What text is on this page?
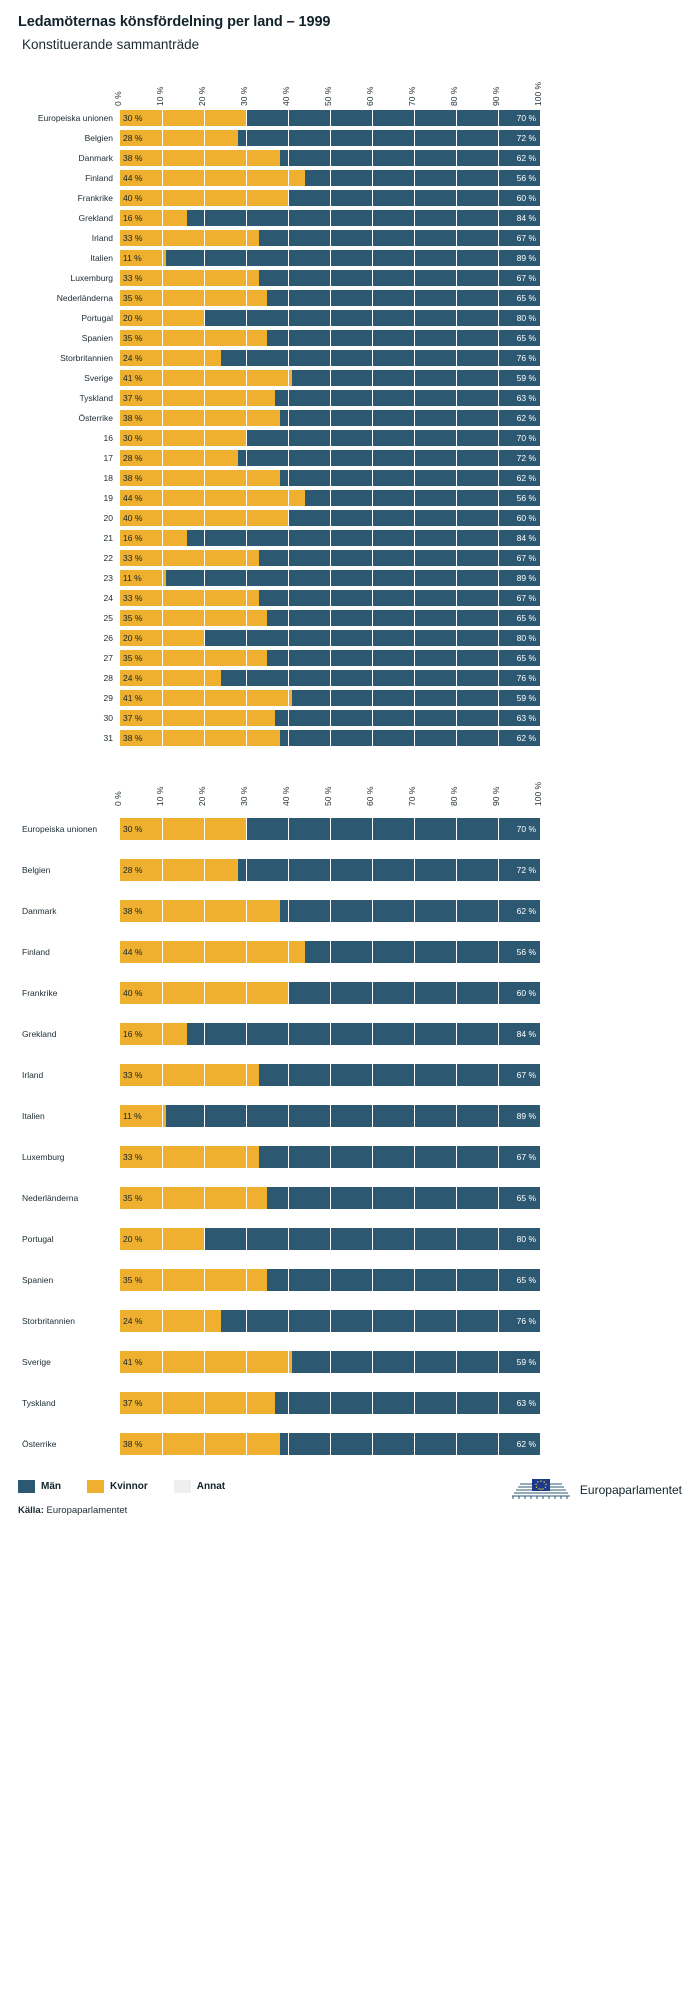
Ledamöternas könsfördelning per land – 1999
Konstituerande sammanträde
0 %	10 %	20 %	30 %	40 %	50 %	60 %	70 %	80 %	90 %	100 %
Europeiska unionen	30 %	70 %
Belgien	28 %	72 %
Danmark	38 %	62 %
Finland	44 %	56 %
Frankrike	40 %	60 %
Grekland	16 %	84 %
Irland	33 %	67 %
Italien	11 %	89 %
Luxemburg	33 %	67 %
Nederländerna	35 %	65 %
Portugal	20 %	80 %
Spanien	35 %	65 %
Storbritannien	24 %	76 %
Sverige	41 %	59 %
Tyskland	37 %	63 %
Österrike	38 %	62 %
16	30 %	70 %
17	28 %	72 %
18	38 %	62 %
19	44 %	56 %
20	40 %	60 %
21	16 %	84 %
22	33 %	67 %
23	11 %	89 %
24	33 %	67 %
25	35 %	65 %
26	20 %	80 %
27	35 %	65 %
28	24 %	76 %
29	41 %	59 %
30	37 %	63 %
31	38 %	62 %
0 %	10 %	20 %	30 %	40 %	50 %	60 %	70 %	80 %	90 %	100 %
Europeiska unionen	30 %	70 %
Belgien	28 %	72 %
Danmark	38 %	62 %
Finland	44 %	56 %
Frankrike	40 %	60 %
Grekland	16 %	84 %
Irland	33 %	67 %
Italien	11 %	89 %
Luxemburg	33 %	67 %
Nederländerna	35 %	65 %
Portugal	20 %	80 %
Spanien	35 %	65 %
Storbritannien	24 %	76 %
Sverige	41 %	59 %
Tyskland	37 %	63 %
Österrike	38 %	62 %
Män	Kvinnor	Annat	Europaparlamentet
Källa: Europaparlamentet
